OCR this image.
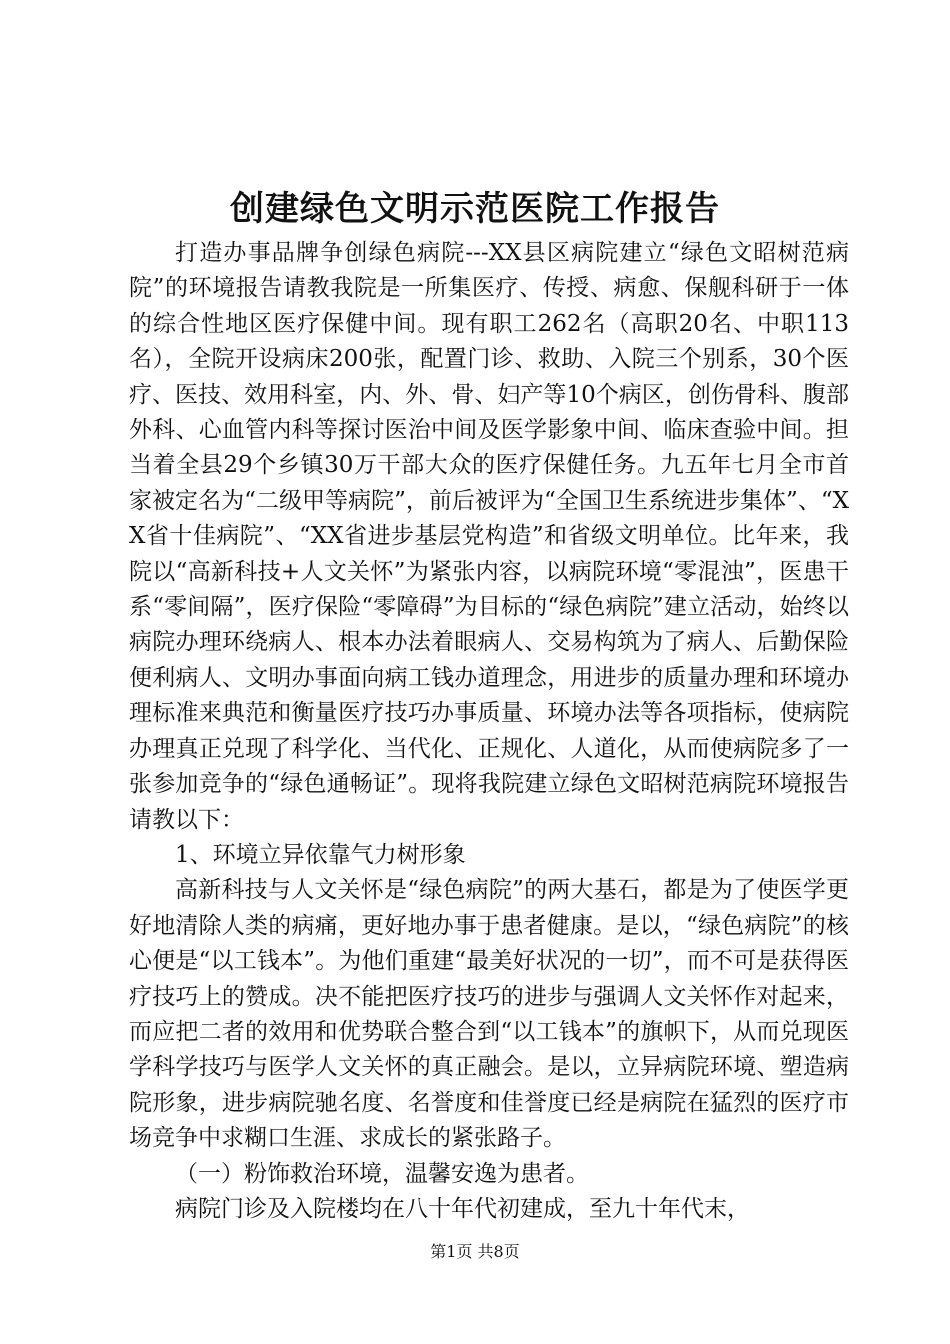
创建绿色文明示范医院工作报告

打造办事品牌争创绿色病院---XX县区病院建立“绿色文昭树范病院”的环境报告请教我院是一所集医疗、传授、病愈、保舰科研于一体的综合性地区医疗保健中间。现有职工262名（高职20名、中职113名），全院开设病床200张，配置门诊、救助、入院三个别系，30个医疗、医技、效用科室，内、外、骨、妇产等10个病区，创伤骨科、腹部外科、心血管内科等探讨医治中间及医学影象中间、临床查验中间。担当着全县29个乡镇30万干部大众的医疗保健任务。九五年七月全市首家被定名为“二级甲等病院”，前后被评为“全国卫生系统进步集体”、“XX省十佳病院”、“XX省进步基层党构造”和省级文明单位。比年来，我院以“高新科技+人文关怀”为紧张内容，以病院环境“零混浊”，医患干系“零间隔”，医疗保险“零障碍”为目标的“绿色病院”建立活动，始终以病院办理环绕病人、根本办法着眼病人、交易构筑为了病人、后勤保险便利病人、文明办事面向病工钱办道理念，用进步的质量办理和环境办理标准来典范和衡量医疗技巧办事质量、环境办法等各项指标，使病院办理真正兑现了科学化、当代化、正规化、人道化，从而使病院多了一张参加竞争的“绿色通畅证”。现将我院建立绿色文昭树范病院环境报告请教以下：

1、环境立异依靠气力树形象

高新科技与人文关怀是“绿色病院”的两大基石，都是为了使医学更好地清除人类的病痛，更好地办事于患者健康。是以，“绿色病院”的核心便是“以工钱本”。为他们重建“最美好状况的一切”，而不可是获得医疗技巧上的赞成。决不能把医疗技巧的进步与强调人文关怀作对起来，而应把二者的效用和优势联合整合到“以工钱本”的旗帜下，从而兑现医学科学技巧与医学人文关怀的真正融会。是以，立异病院环境、塑造病院形象，进步病院驰名度、名誉度和佳誉度已经是病院在猛烈的医疗市场竞争中求糊口生涯、求成长的紧张路子。

（一）粉饰救治环境，温馨安逸为患者。

病院门诊及入院楼均在八十年代初建成，至九十年代末，

第1页 共8页
